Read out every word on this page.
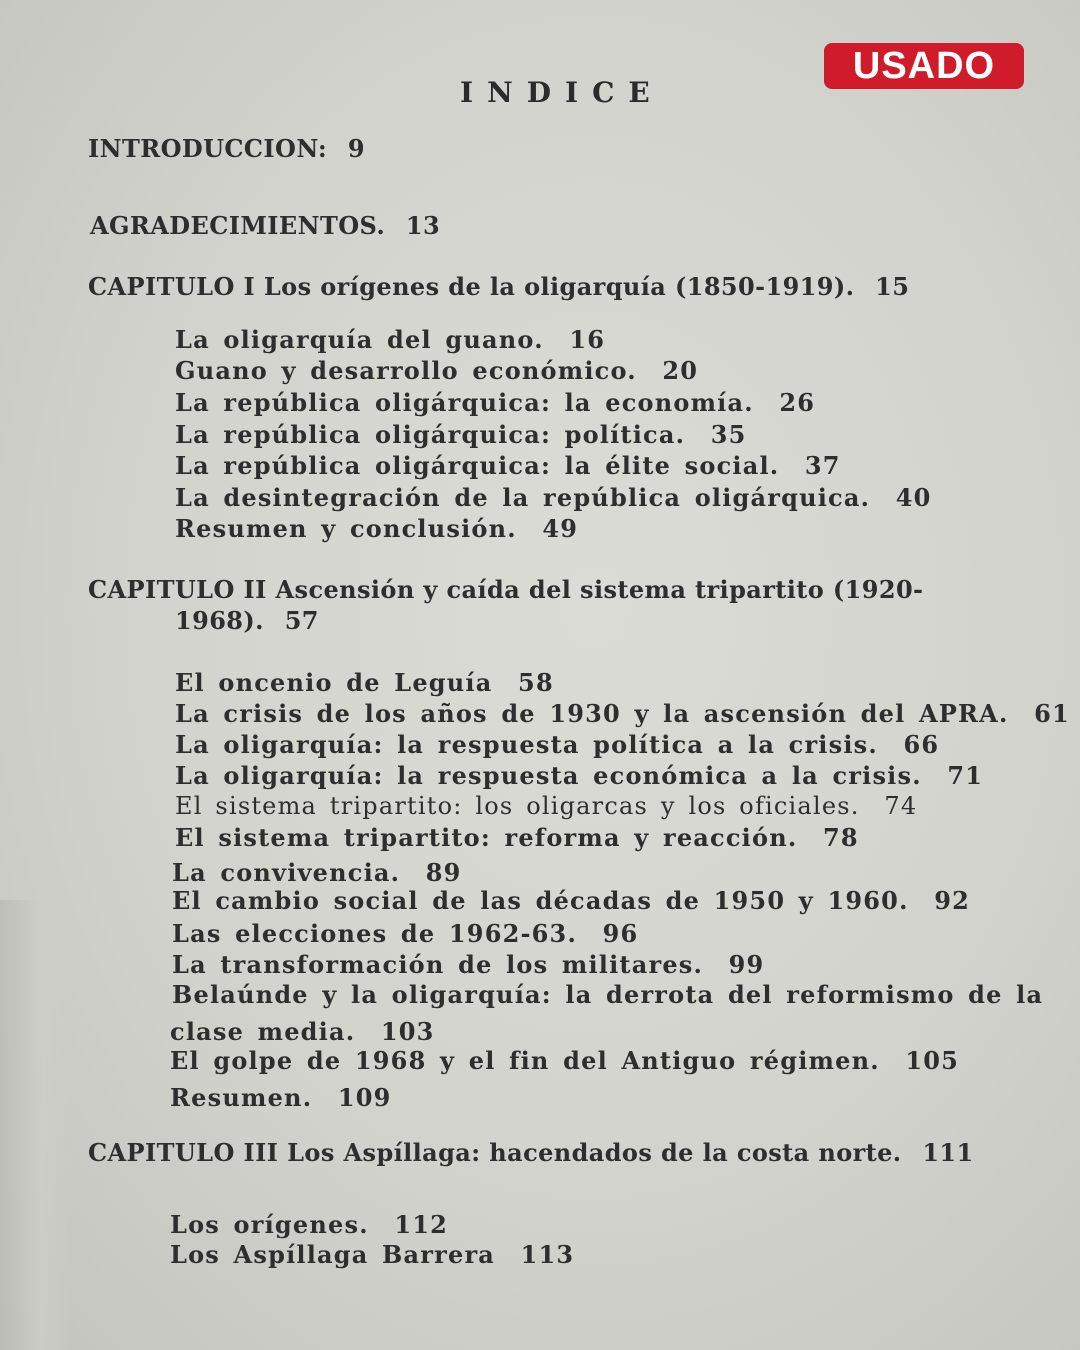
USADO
INDICE
INTRODUCCION: 9
AGRADECIMIENTOS. 13
CAPITULO I Los orígenes de la oligarquía (1850-1919). 15
La oligarquía del guano. 16
Guano y desarrollo económico. 20
La república oligárquica: la economía. 26
La república oligárquica: política. 35
La república oligárquica: la élite social. 37
La desintegración de la república oligárquica. 40
Resumen y conclusión. 49
CAPITULO II Ascensión y caída del sistema tripartito (1920-
1968). 57
El oncenio de Leguía 58
La crisis de los años de 1930 y la ascensión del APRA. 61
La oligarquía: la respuesta política a la crisis. 66
La oligarquía: la respuesta económica a la crisis. 71
El sistema tripartito: los oligarcas y los oficiales. 74
El sistema tripartito: reforma y reacción. 78
La convivencia. 89
El cambio social de las décadas de 1950 y 1960. 92
Las elecciones de 1962-63. 96
La transformación de los militares. 99
Belaúnde y la oligarquía: la derrota del reformismo de la
clase media. 103
El golpe de 1968 y el fin del Antiguo régimen. 105
Resumen. 109
CAPITULO III Los Aspíllaga: hacendados de la costa norte. 111
Los orígenes. 112
Los Aspíllaga Barrera 113
